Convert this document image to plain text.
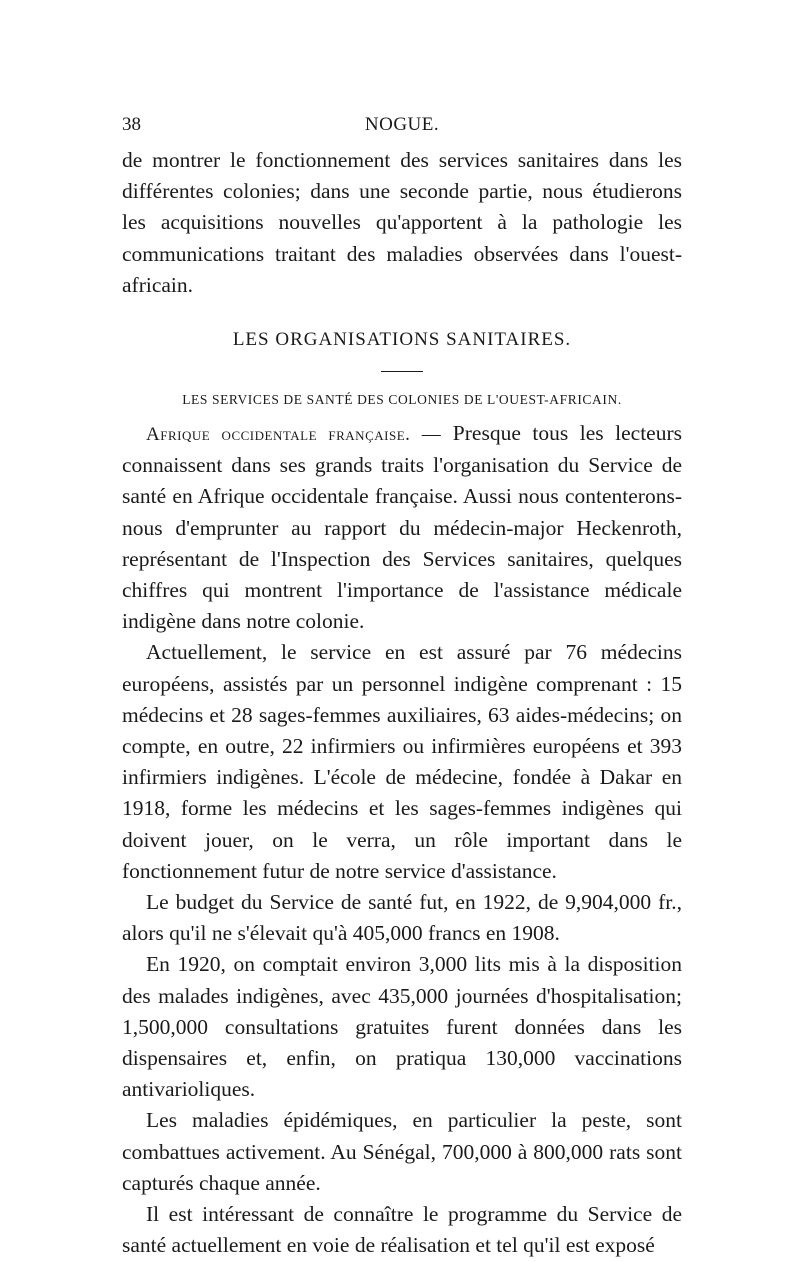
38	NOGUE.

de montrer le fonctionnement des services sanitaires dans les différentes colonies; dans une seconde partie, nous étudierons les acquisitions nouvelles qu'apportent à la pathologie les communications traitant des maladies observées dans l'ouest-africain.

LES ORGANISATIONS SANITAIRES.
LES SERVICES DE SANTÉ DES COLONIES DE L'OUEST-AFRICAIN.

Afrique occidentale française. — Presque tous les lecteurs connaissent dans ses grands traits l'organisation du Service de santé en Afrique occidentale française. Aussi nous contenterons-nous d'emprunter au rapport du médecin-major Heckenroth, représentant de l'Inspection des Services sanitaires, quelques chiffres qui montrent l'importance de l'assistance médicale indigène dans notre colonie.

Actuellement, le service en est assuré par 76 médecins européens, assistés par un personnel indigène comprenant : 15 médecins et 28 sages-femmes auxiliaires, 63 aides-médecins; on compte, en outre, 22 infirmiers ou infirmières européens et 393 infirmiers indigènes. L'école de médecine, fondée à Dakar en 1918, forme les médecins et les sages-femmes indigènes qui doivent jouer, on le verra, un rôle important dans le fonctionnement futur de notre service d'assistance.

Le budget du Service de santé fut, en 1922, de 9,904,000 fr., alors qu'il ne s'élevait qu'à 405,000 francs en 1908.

En 1920, on comptait environ 3,000 lits mis à la disposition des malades indigènes, avec 435,000 journées d'hospitalisation; 1,500,000 consultations gratuites furent données dans les dispensaires et, enfin, on pratiqua 130,000 vaccinations antivarioliques.

Les maladies épidémiques, en particulier la peste, sont combattues activement. Au Sénégal, 700,000 à 800,000 rats sont capturés chaque année.

Il est intéressant de connaître le programme du Service de santé actuellement en voie de réalisation et tel qu'il est exposé
